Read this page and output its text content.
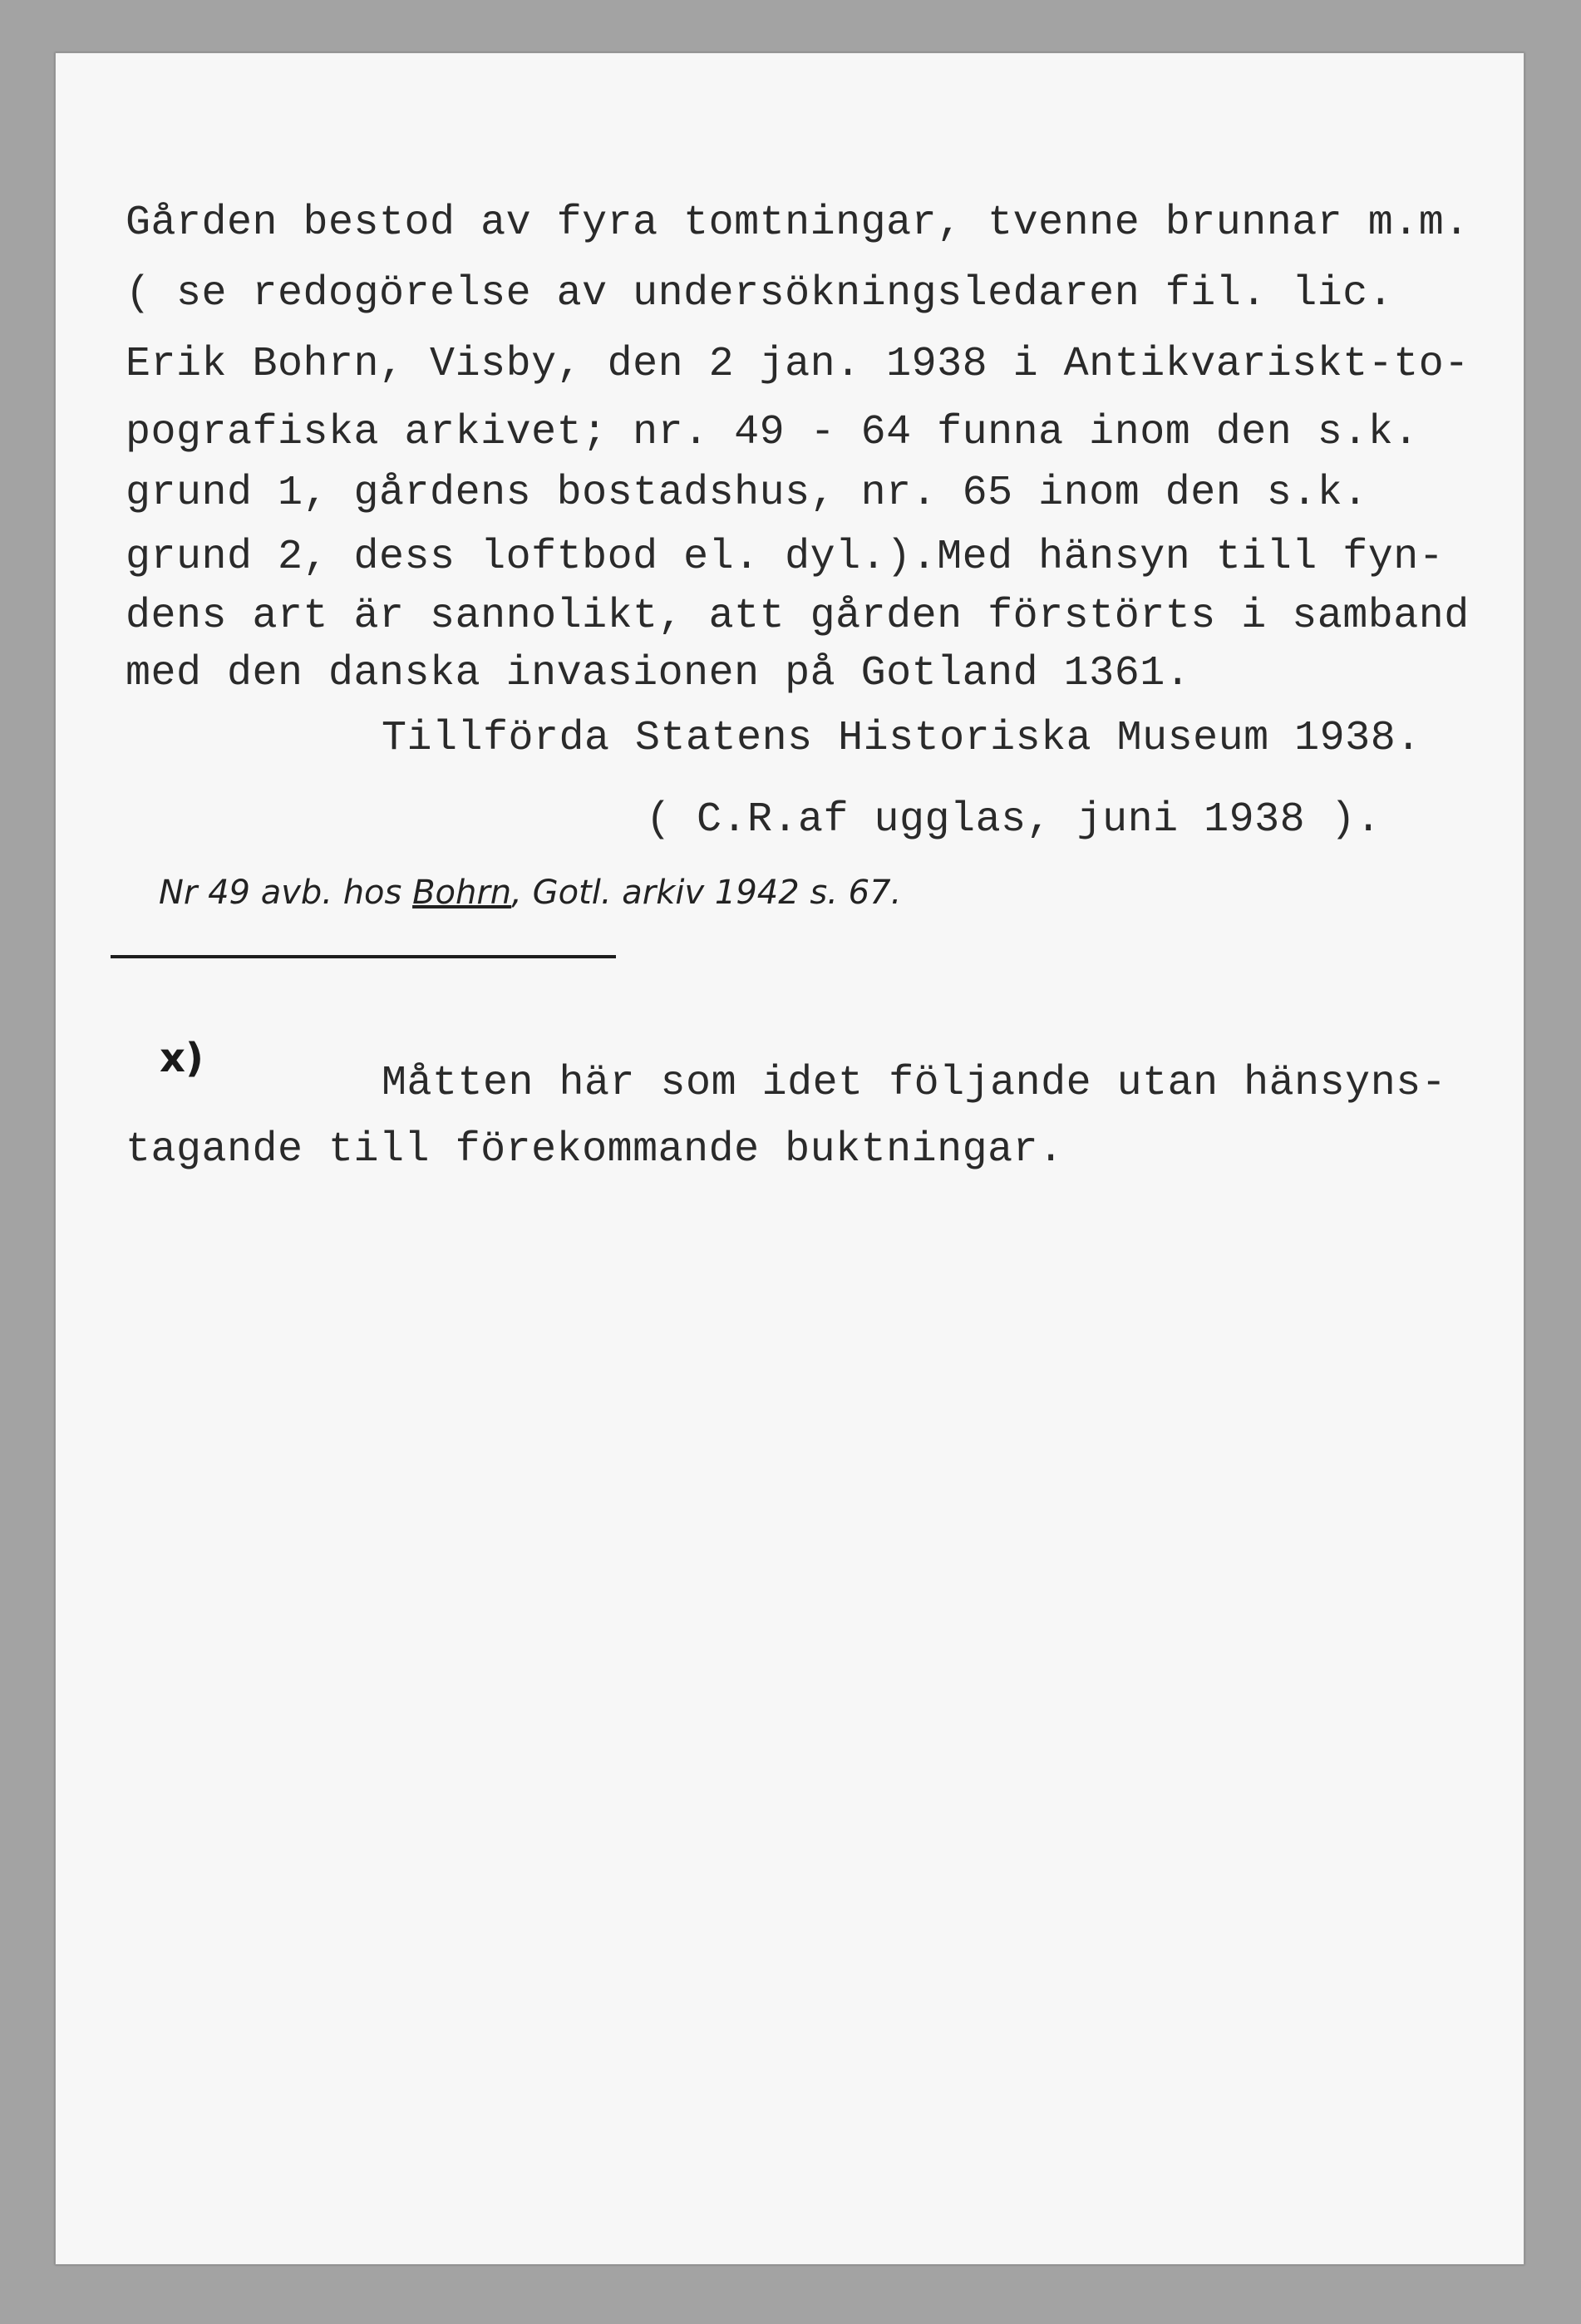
Gården bestod av fyra tomtningar, tvenne brunnar m.m.
( se redogörelse av undersökningsledaren fil. lic.
Erik Bohrn, Visby, den 2 jan. 1938 i Antikvariskt-to-
pografiska arkivet; nr. 49 - 64 funna inom den s.k.
grund 1, gårdens bostadshus, nr. 65 inom den s.k.
grund 2, dess loftbod el. dyl.).Med hänsyn till fyn-
dens art är sannolikt, att gården förstörts i samband
med den danska invasionen på Gotland 1361.
Tillförda Statens Historiska Museum 1938.
( C.R.af ugglas, juni 1938 ).
Nr 49 avb. hos Bohrn, Gotl. arkiv 1942 s. 67.
x)
Måtten här som idet följande utan hänsyns-
tagande till förekommande buktningar.
